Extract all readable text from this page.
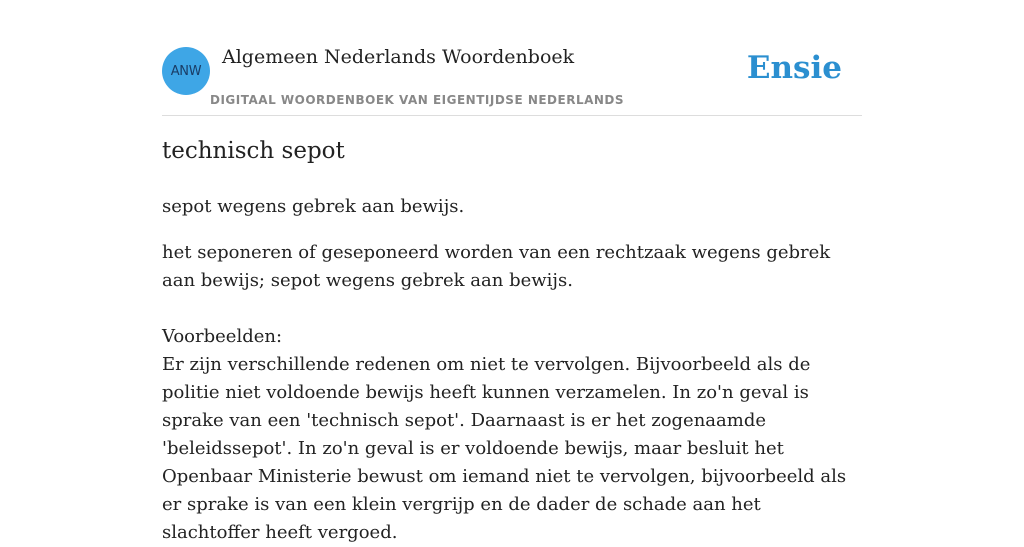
ANW
Algemeen Nederlands Woordenboek
DIGITAAL WOORDENBOEK VAN EIGENTIJDSE NEDERLANDS
Ensie
technisch sepot

sepot wegens gebrek aan bewijs.

het seponeren of geseponeerd worden van een rechtzaak wegens gebrek aan bewijs; sepot wegens gebrek aan bewijs.

Voorbeelden:

Er zijn verschillende redenen om niet te vervolgen. Bijvoorbeeld als de politie niet voldoende bewijs heeft kunnen verzamelen. In zo'n geval is sprake van een 'technisch sepot'. Daarnaast is er het zogenaamde 'beleidssepot'. In zo'n geval is er voldoende bewijs, maar besluit het Openbaar Ministerie bewust om iemand niet te vervolgen, bijvoorbeeld als er sprake is van een klein vergrijp en de dader de schade aan het slachtoffer heeft vergoed.
